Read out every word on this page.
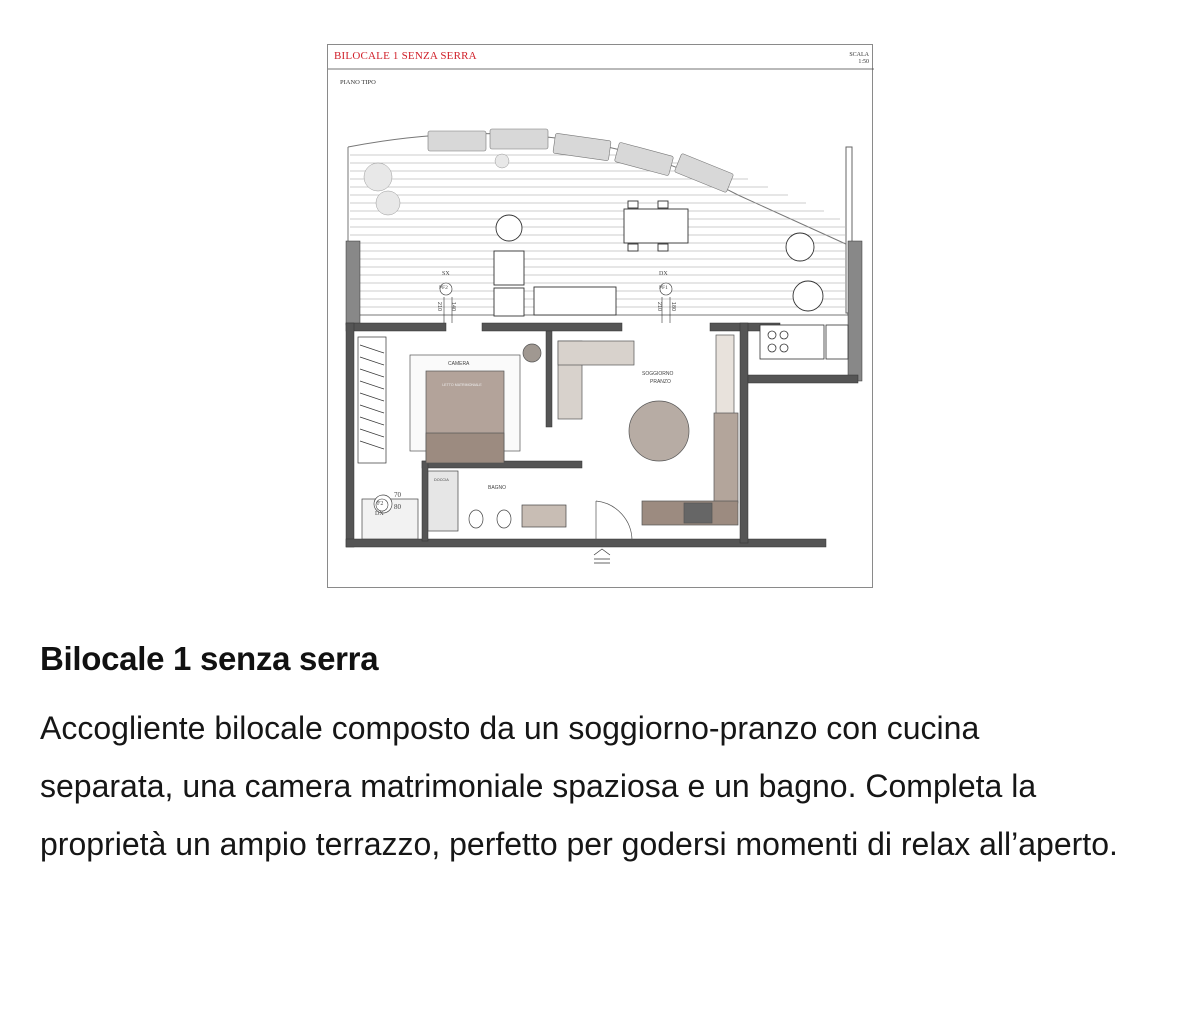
BILOCALE 1 SENZA SERRA	SCALA
1:50
PIANO TIPO
CAMERA
LETTO MATRIMONIALE
BAGNO
DOCCIA
SOGGIORNO
PRANZO
SX
PF2
DX
PF1
F2
DX
210 140	210 180
70
80
Bilocale 1 senza serra

Accogliente bilocale composto da un soggiorno-pranzo con cucina separata, una camera matrimoniale spaziosa e un bagno. Completa la proprietà un ampio terrazzo, perfetto per godersi momenti di relax all’aperto.
